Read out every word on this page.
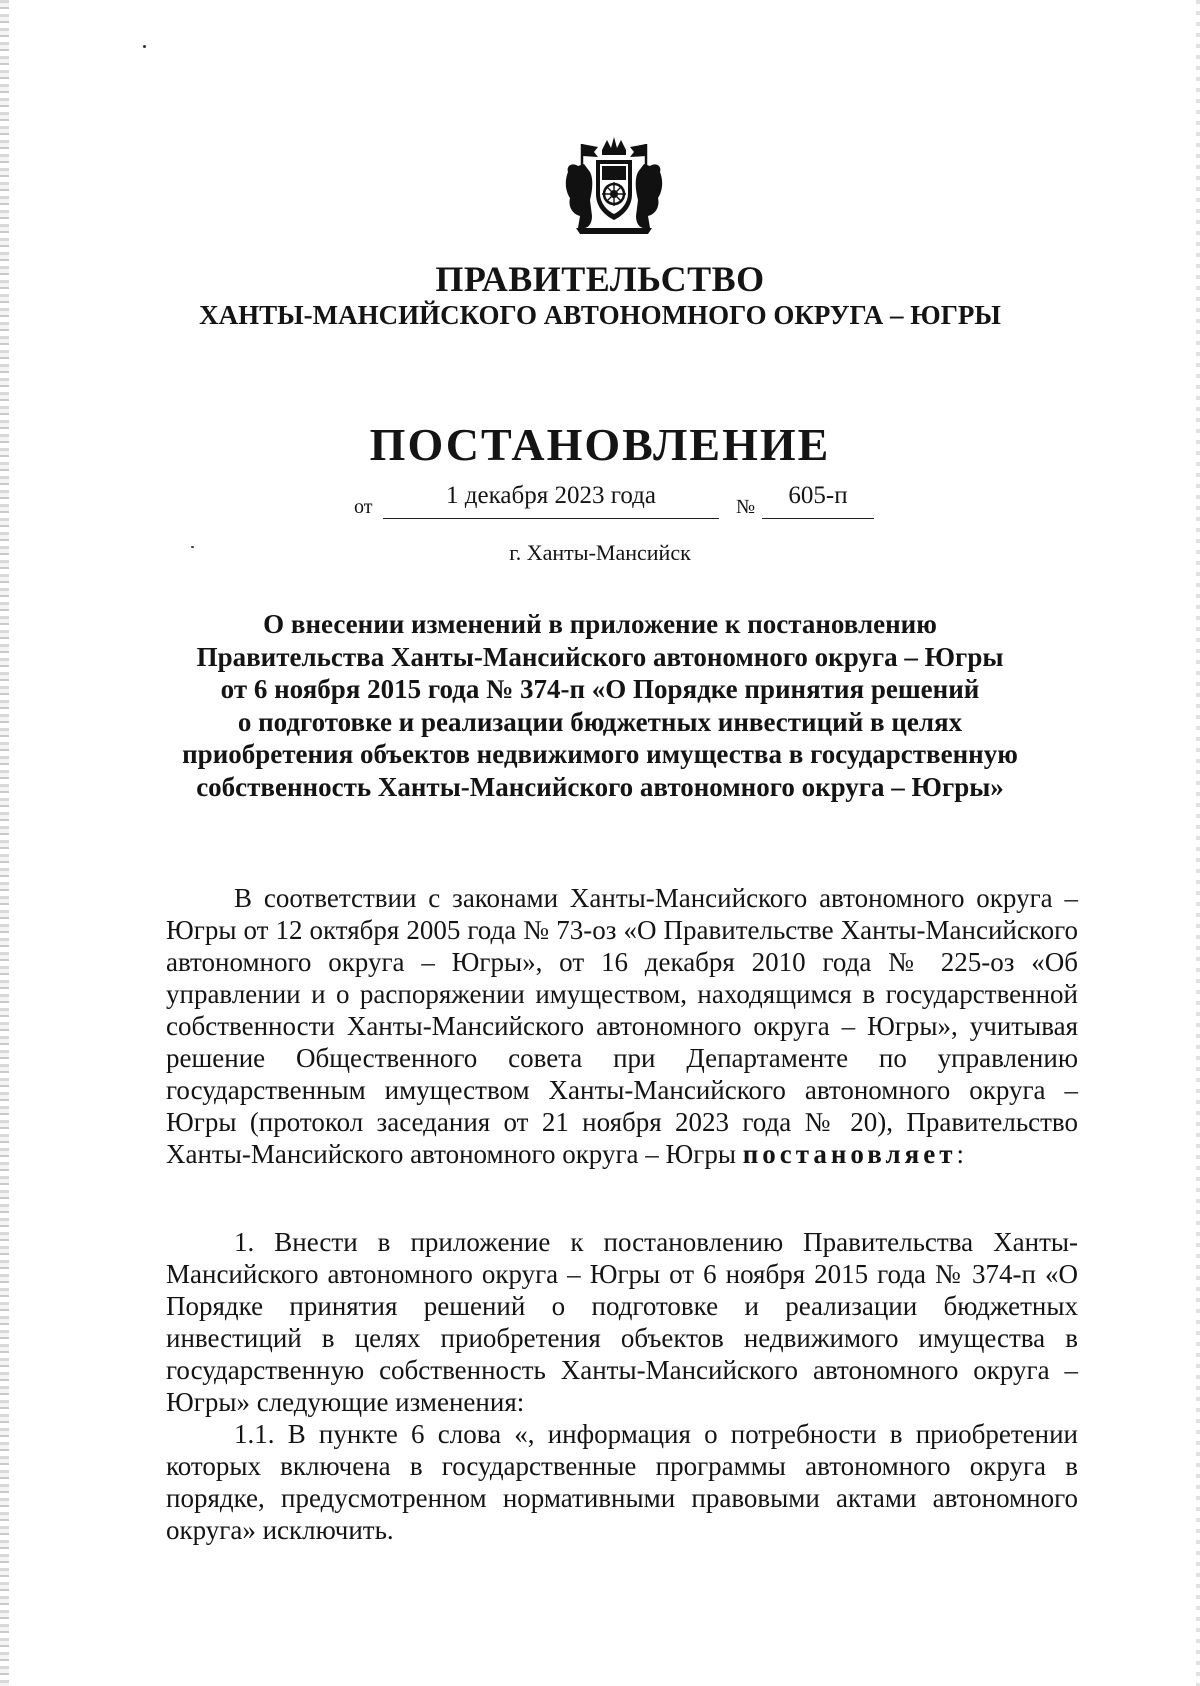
ПРАВИТЕЛЬСТВО
ХАНТЫ-МАНСИЙСКОГО АВТОНОМНОГО ОКРУГА – ЮГРЫ
ПОСТАНОВЛЕНИЕ
от	1 декабря 2023 года	№	605-п
г. Ханты-Мансийск
О внесении изменений в приложение к постановлению
Правительства Ханты-Мансийского автономного округа – Югры
от 6 ноября 2015 года № 374-п «О Порядке принятия решений
о подготовке и реализации бюджетных инвестиций в целях
приобретения объектов недвижимого имущества в государственную
собственность Ханты-Мансийского автономного округа – Югры»
В соответствии с законами Ханты-Мансийского автономного округа – Югры от 12 октября 2005 года № 73-оз «О Правительстве Ханты-Мансийского автономного округа – Югры», от 16 декабря 2010 года № 225-оз «Об управлении и о распоряжении имуществом, находящимся в государственной собственности Ханты-Мансийского автономного округа – Югры», учитывая решение Общественного совета при Департаменте по управлению государственным имуществом Ханты-Мансийского автономного округа – Югры (протокол заседания от 21 ноября 2023 года № 20), Правительство Ханты-Мансийского автономного округа – Югры постановляет:
1. Внести в приложение к постановлению Правительства Ханты-Мансийского автономного округа – Югры от 6 ноября 2015 года № 374-п «О Порядке принятия решений о подготовке и реализации бюджетных инвестиций в целях приобретения объектов недвижимого имущества в государственную собственность Ханты-Мансийского автономного округа – Югры» следующие изменения:
1.1. В пункте 6 слова «, информация о потребности в приобретении которых включена в государственные программы автономного округа в порядке, предусмотренном нормативными правовыми актами автономного округа» исключить.
